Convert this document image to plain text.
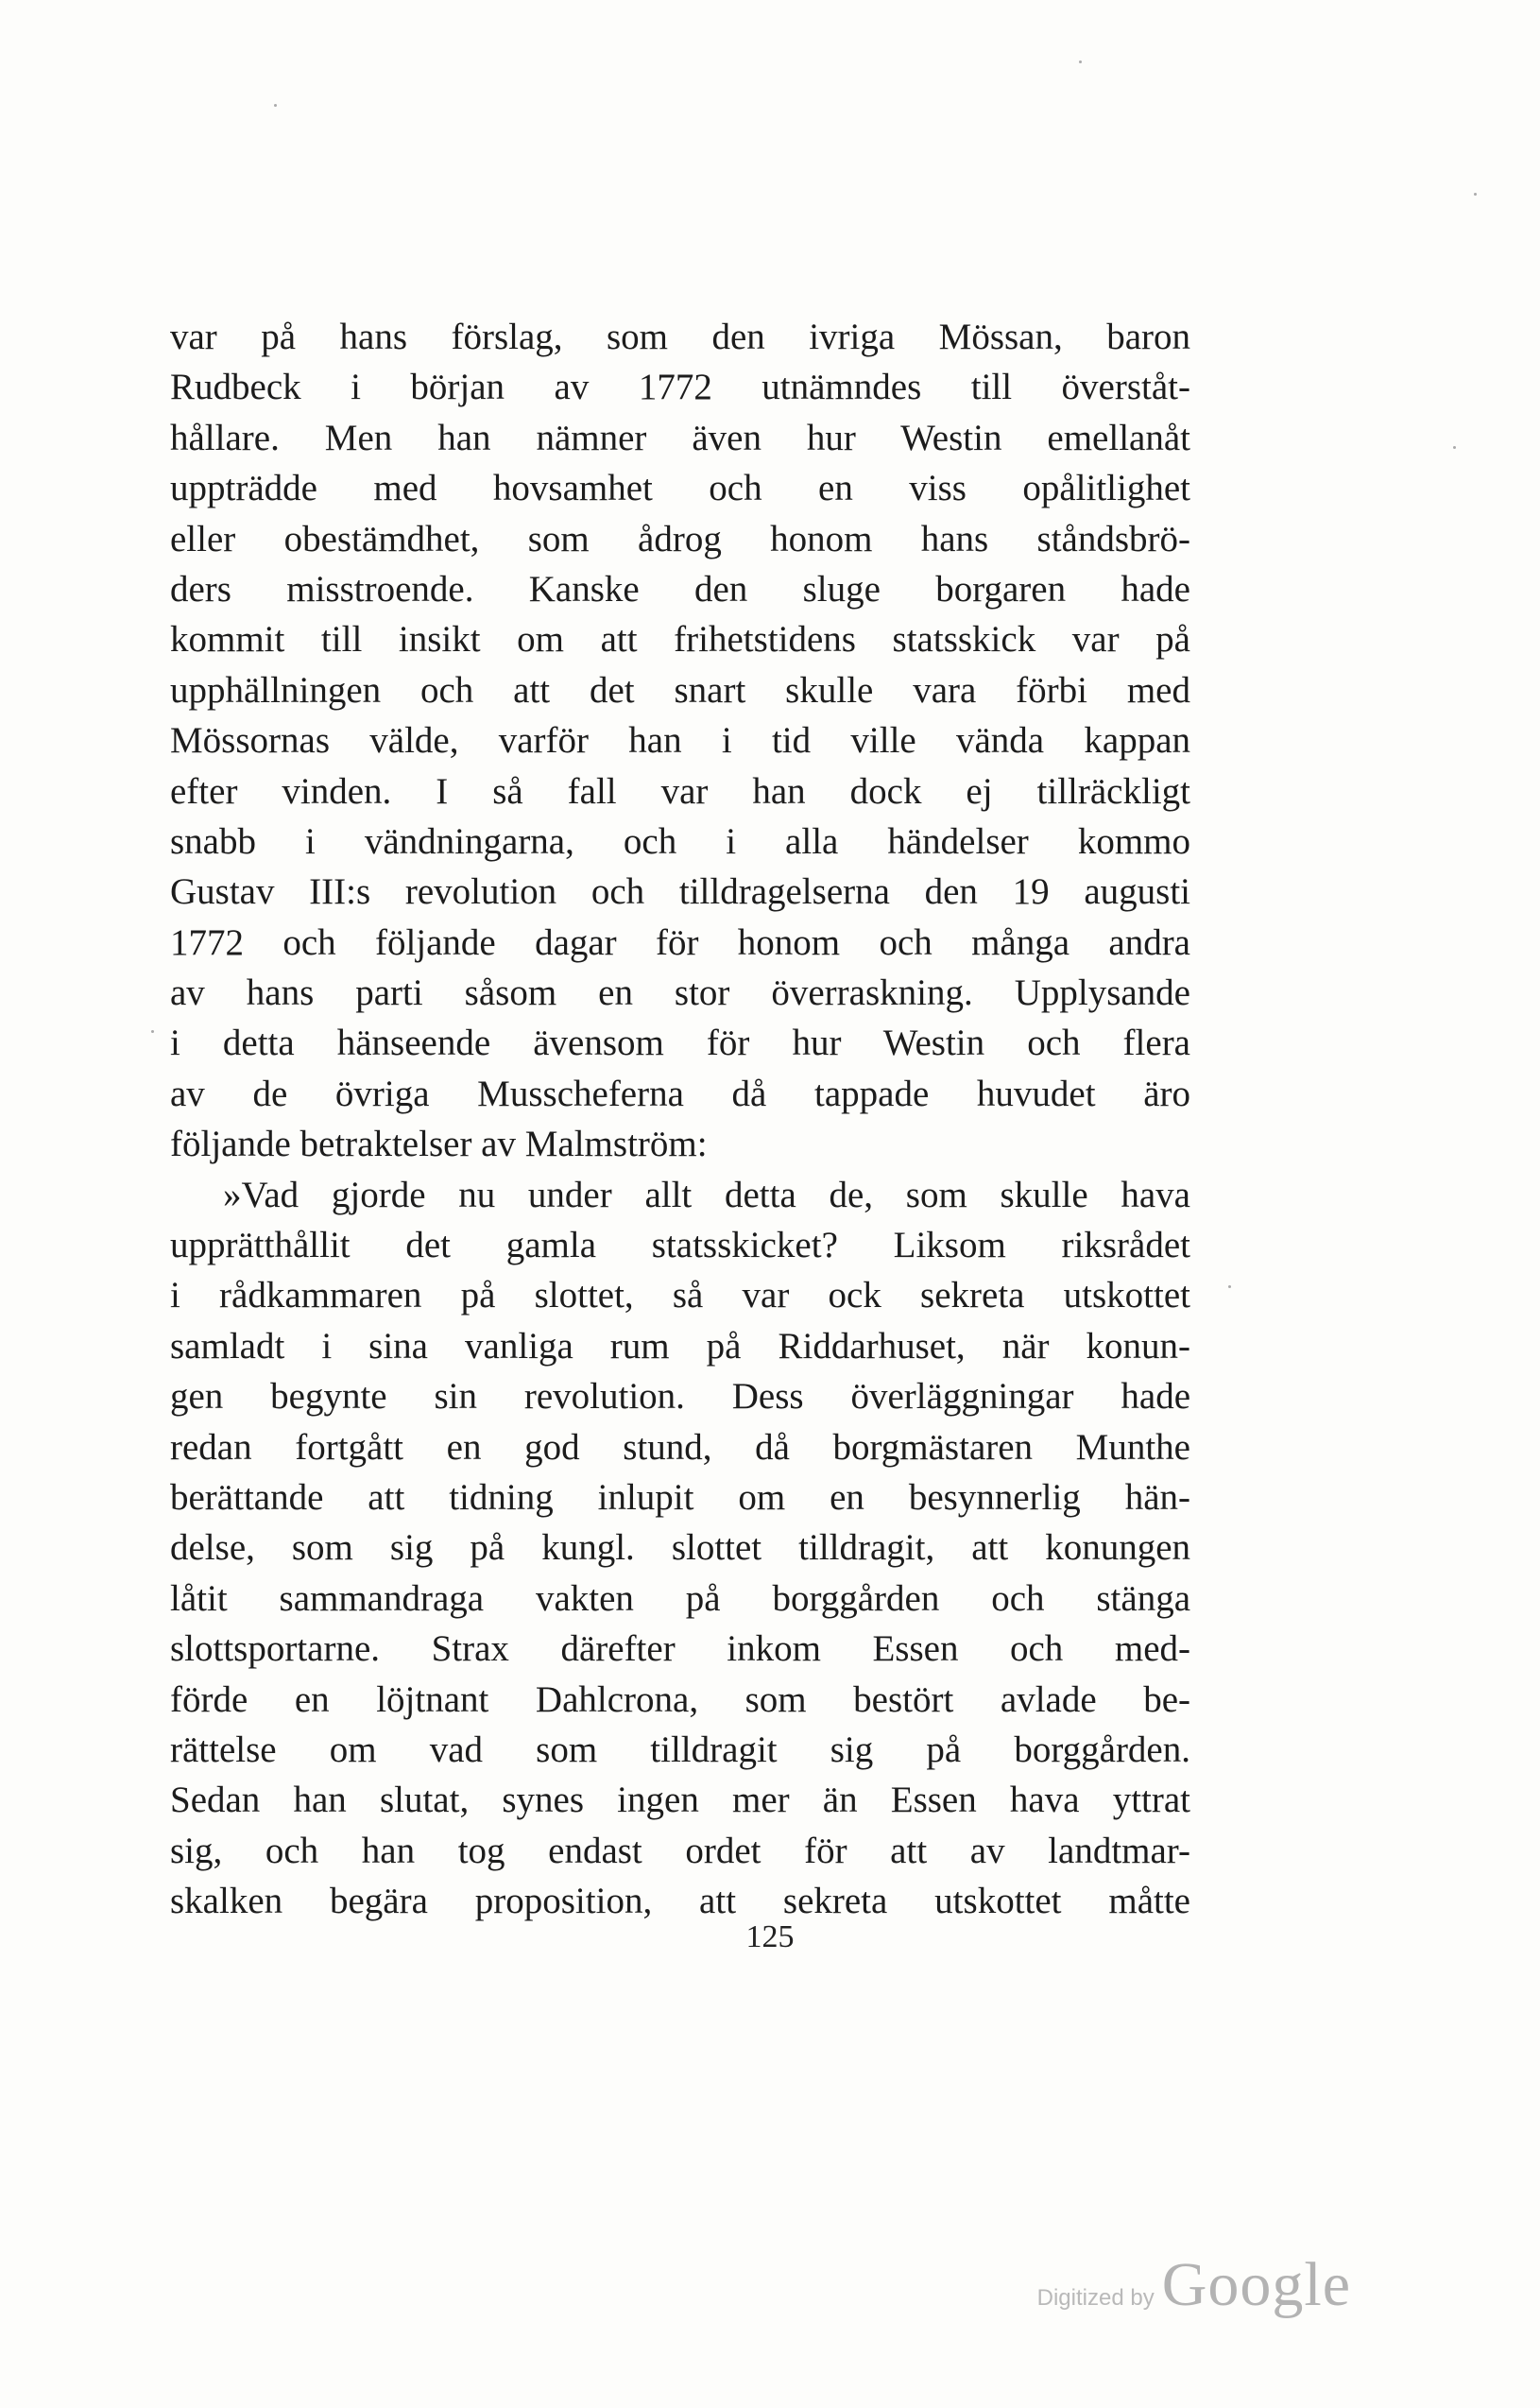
var på hans förslag, som den ivriga Mössan, baron
Rudbeck i början av 1772 utnämndes till överståt-
hållare. Men han nämner även hur Westin emellanåt
uppträdde med hovsamhet och en viss opålitlighet
eller obestämdhet, som ådrog honom hans ståndsbrö-
ders misstroende. Kanske den sluge borgaren hade
kommit till insikt om att frihetstidens statsskick var på
upphällningen och att det snart skulle vara förbi med
Mössornas välde, varför han i tid ville vända kappan
efter vinden. I så fall var han dock ej tillräckligt
snabb i vändningarna, och i alla händelser kommo
Gustav III:s revolution och tilldragelserna den 19 augusti
1772 och följande dagar för honom och många andra
av hans parti såsom en stor överraskning. Upplysande
i detta hänseende ävensom för hur Westin och flera
av de övriga Musscheferna då tappade huvudet äro
följande betraktelser av Malmström:
»Vad gjorde nu under allt detta de, som skulle hava
upprätthållit det gamla statsskicket? Liksom riksrådet
i rådkammaren på slottet, så var ock sekreta utskottet
samladt i sina vanliga rum på Riddarhuset, när konun-
gen begynte sin revolution. Dess överläggningar hade
redan fortgått en god stund, då borgmästaren Munthe
berättande att tidning inlupit om en besynnerlig hän-
delse, som sig på kungl. slottet tilldragit, att konungen
låtit sammandraga vakten på borggården och stänga
slottsportarne. Strax därefter inkom Essen och med-
förde en löjtnant Dahlcrona, som bestört avlade be-
rättelse om vad som tilldragit sig på borggården.
Sedan han slutat, synes ingen mer än Essen hava yttrat
sig, och han tog endast ordet för att av landtmar-
skalken begära proposition, att sekreta utskottet måtte
125
Digitized by Google
